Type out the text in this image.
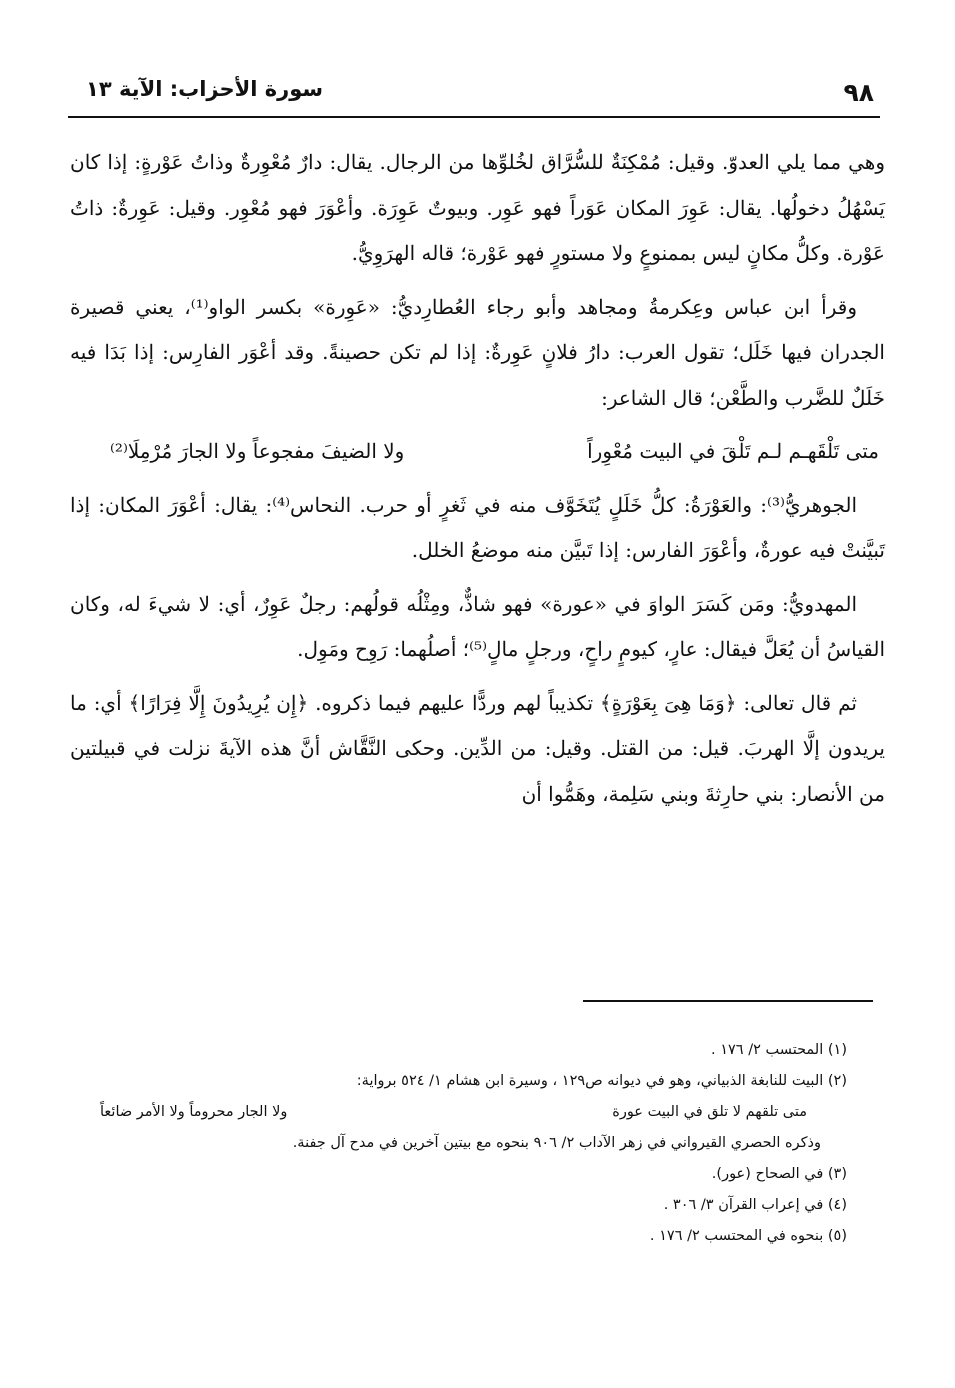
٩٨
سورة الأحزاب: الآية ١٣

وهي مما يلي العدوّ. وقيل: مُمْكِنَةٌ للسُّرَّاق لخُلوِّها من الرجال. يقال: دارٌ مُعْوِرةٌ وذاتُ عَوْرةٍ: إذا كان يَسْهُلُ دخولُها. يقال: عَوِرَ المكان عَوَراً فهو عَوِر. وبيوتٌ عَوِرَة. وأعْوَرَ فهو مُعْوِر. وقيل: عَوِرةٌ: ذاتُ عَوْرة. وكلُّ مكانٍ ليس بممنوعٍ ولا مستورٍ فهو عَوْرة؛ قاله الهرَوِيُّ.

وقرأ ابن عباس وعِكرمةُ ومجاهد وأبو رجاء العُطارِديُّ: «عَوِرة» بكسر الواو⁽¹⁾، يعني قصيرة الجدران فيها خَلَل؛ تقول العرب: دارُ فلانٍ عَوِرةٌ: إذا لم تكن حصينةً. وقد أعْوَر الفارِس: إذا بَدَا فيه خَلَلٌ للضَّرب والطَّعْن؛ قال الشاعر:

متى تَلْقَهـم لـم تَلْقَ في البيت مُعْوِراً
ولا الضيفَ مفجوعاً ولا الجارَ مُرْمِلَا⁽²⁾

الجوهريُّ⁽³⁾: والعَوْرَةُ: كلُّ خَلَلٍ يُتَخَوَّف منه في ثَغرٍ أو حرب. النحاس⁽⁴⁾: يقال: أعْوَرَ المكان: إذا تَبيَّنتْ فيه عورةٌ، وأعْوَرَ الفارس: إذا تَبيَّن منه موضعُ الخلل.

المهدويُّ: ومَن كَسَرَ الواوَ في «عورة» فهو شاذٌّ، ومِثْلُه قولُهم: رجلٌ عَوِرٌ، أي: لا شيءَ له، وكان القياسُ أن يُعَلَّ فيقال: عارٍ، كيومٍ راحٍ، ورجلٍ مالٍ⁽⁵⁾؛ أصلُهما: رَوِح ومَوِل.

ثم قال تعالى: ﴿وَمَا هِىَ بِعَوْرَةٍ﴾ تكذيباً لهم وردًّا عليهم فيما ذكروه. ﴿إِن يُرِيدُونَ إِلَّا فِرَارًا﴾ أي: ما يريدون إلَّا الهربَ. قيل: من القتل. وقيل: من الدِّين. وحكى النَّقَّاش أنَّ هذه الآيةَ نزلت في قبيلتين من الأنصار: بني حارِثةَ وبني سَلِمة، وهَمُّوا أن

(١) المحتسب ٢/ ١٧٦ .

(٢) البيت للنابغة الذبياني، وهو في ديوانه ص١٢٩ ، وسيرة ابن هشام ١/ ٥٢٤ برواية:

متى تلقهم لا تلق في البيت عورة
ولا الجار محروماً ولا الأمر ضائعاً

وذكره الحصري القيرواني في زهر الآداب ٢/ ٩٠٦ بنحوه مع بيتين آخرين في مدح آل جفنة.

(٣) في الصحاح (عور).

(٤) في إعراب القرآن ٣/ ٣٠٦ .

(٥) بنحوه في المحتسب ٢/ ١٧٦ .
